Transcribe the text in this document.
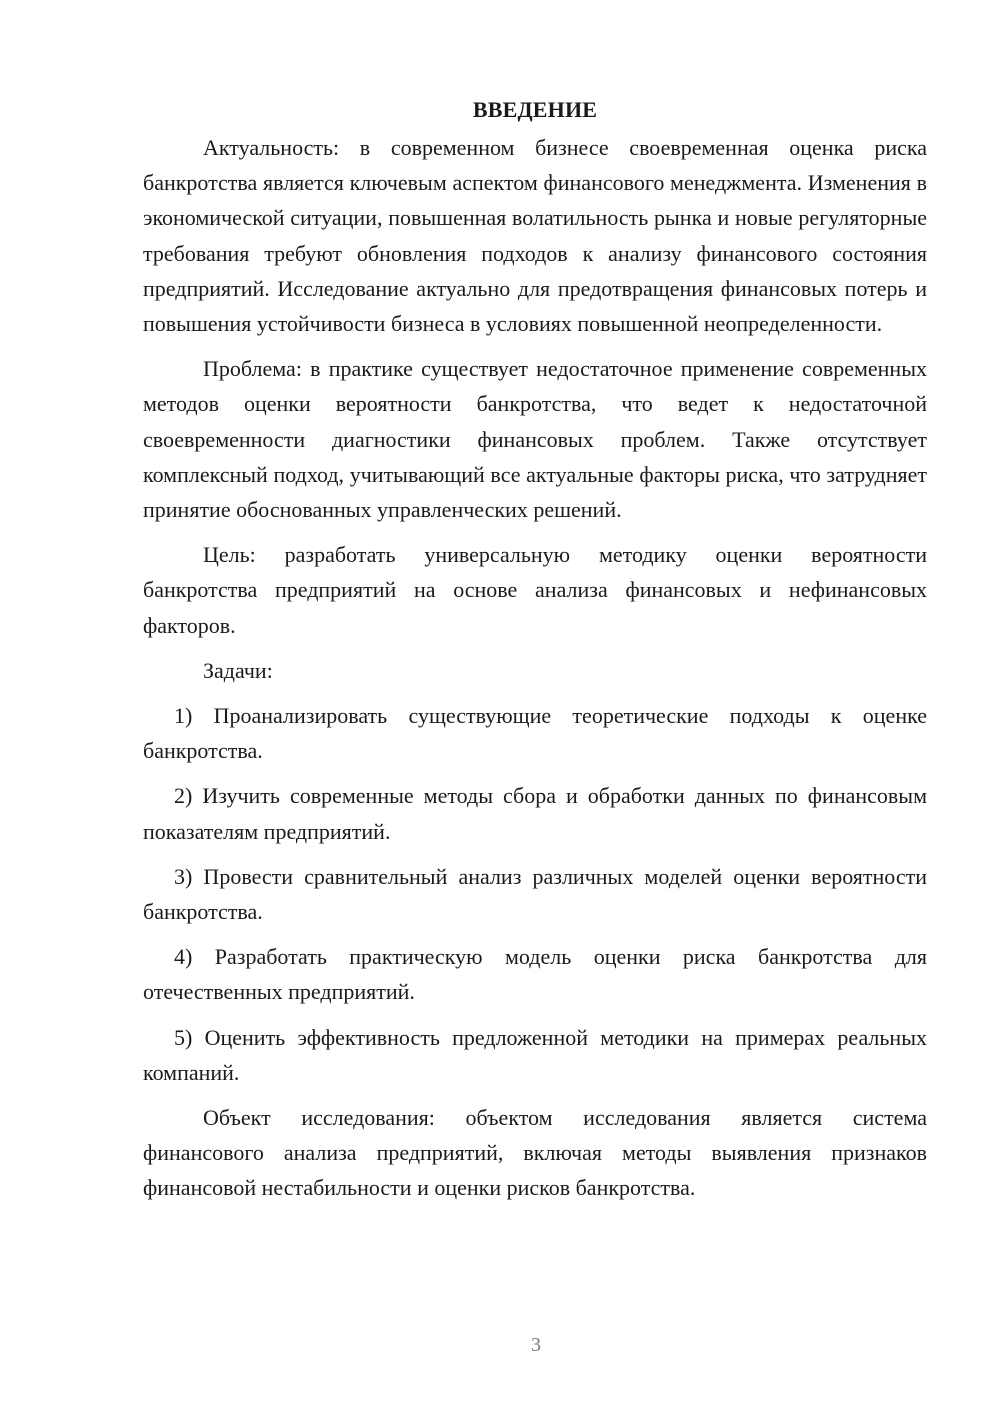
ВВЕДЕНИЕ

Актуальность: в современном бизнесе своевременная оценка риска банкротства является ключевым аспектом финансового менеджмента. Изменения в экономической ситуации, повышенная волатильность рынка и новые регуляторные требования требуют обновления подходов к анализу финансового состояния предприятий. Исследование актуально для предотвращения финансовых потерь и повышения устойчивости бизнеса в условиях повышенной неопределенности.

Проблема: в практике существует недостаточное применение современных методов оценки вероятности банкротства, что ведет к недостаточной своевременности диагностики финансовых проблем. Также отсутствует комплексный подход, учитывающий все актуальные факторы риска, что затрудняет принятие обоснованных управленческих решений.

Цель: разработать универсальную методику оценки вероятности банкротства предприятий на основе анализа финансовых и нефинансовых факторов.

Задачи:

1) Проанализировать существующие теоретические подходы к оценке банкротства.

2) Изучить современные методы сбора и обработки данных по финансовым показателям предприятий.

3) Провести сравнительный анализ различных моделей оценки вероятности банкротства.

4) Разработать практическую модель оценки риска банкротства для отечественных предприятий.

5) Оценить эффективность предложенной методики на примерах реальных компаний.

Объект исследования: объектом исследования является система финансового анализа предприятий, включая методы выявления признаков финансовой нестабильности и оценки рисков банкротства.

3
